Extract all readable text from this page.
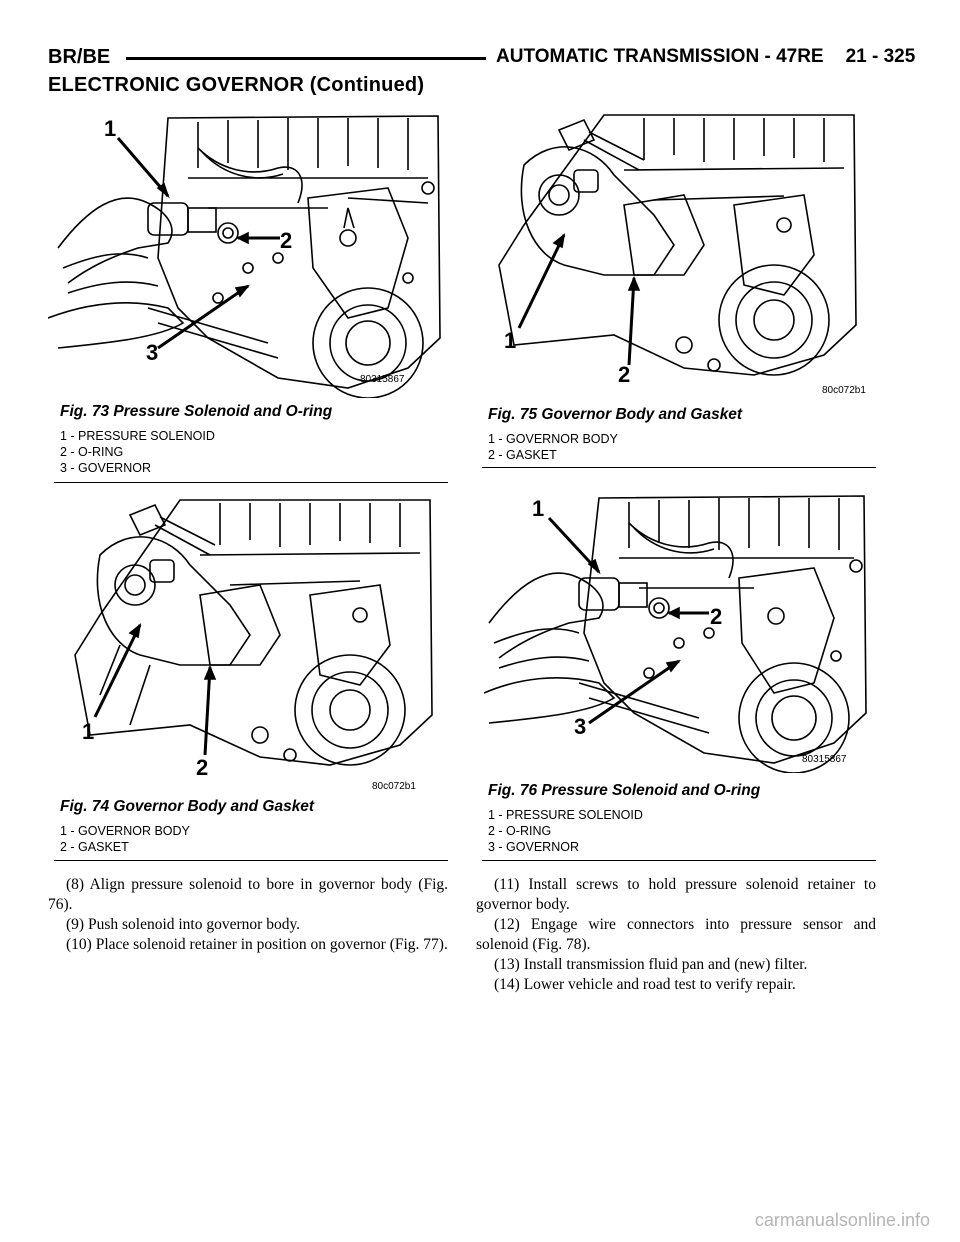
BR/BE	AUTOMATIC TRANSMISSION - 47RE 21 - 325
ELECTRONIC GOVERNOR (Continued)
1
2
3
80315867
Fig. 73 Pressure Solenoid and O-ring
1 - PRESSURE SOLENOID
2 - O-RING
3 - GOVERNOR
1
2
80c072b1
Fig. 74 Governor Body and Gasket
1 - GOVERNOR BODY
2 - GASKET
1
2
80c072b1
Fig. 75 Governor Body and Gasket
1 - GOVERNOR BODY
2 - GASKET
1
2
3
80315867
Fig. 76 Pressure Solenoid and O-ring
1 - PRESSURE SOLENOID
2 - O-RING
3 - GOVERNOR
(8) Align pressure solenoid to bore in governor body (Fig. 76).
(9) Push solenoid into governor body.
(10) Place solenoid retainer in position on governor (Fig. 77).
(11) Install screws to hold pressure solenoid retainer to governor body.
(12) Engage wire connectors into pressure sensor and solenoid (Fig. 78).
(13) Install transmission fluid pan and (new) filter.
(14) Lower vehicle and road test to verify repair.
carmanualsonline.info
